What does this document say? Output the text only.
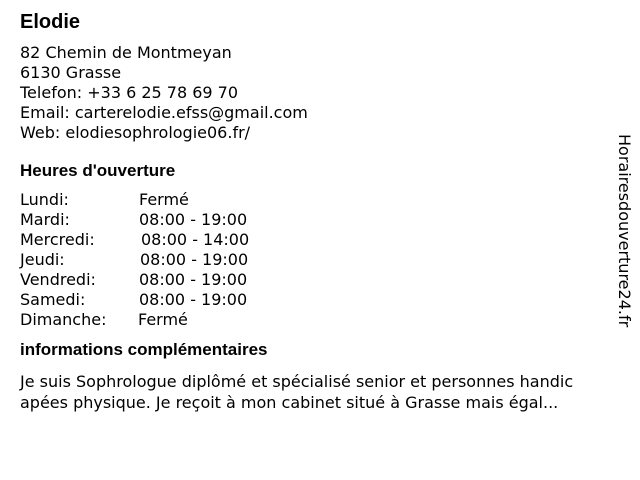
Elodie
82 Chemin de Montmeyan
6130 Grasse
Telefon: +33 6 25 78 69 70
Email: carterelodie.efss@gmail.com
Web: elodiesophrologie06.fr/
Heures d'ouverture
Lundi:	Fermé
Mardi:	08:00 - 19:00
Mercredi:	08:00 - 14:00
Jeudi:	08:00 - 19:00
Vendredi:	08:00 - 19:00
Samedi:	08:00 - 19:00
Dimanche:	Fermé
informations complémentaires
Je suis Sophrologue diplômé et spécialisé senior et personnes handic
apées physique. Je reçoit à mon cabinet situé à Grasse mais égal...
Horairesdouverture24.fr
